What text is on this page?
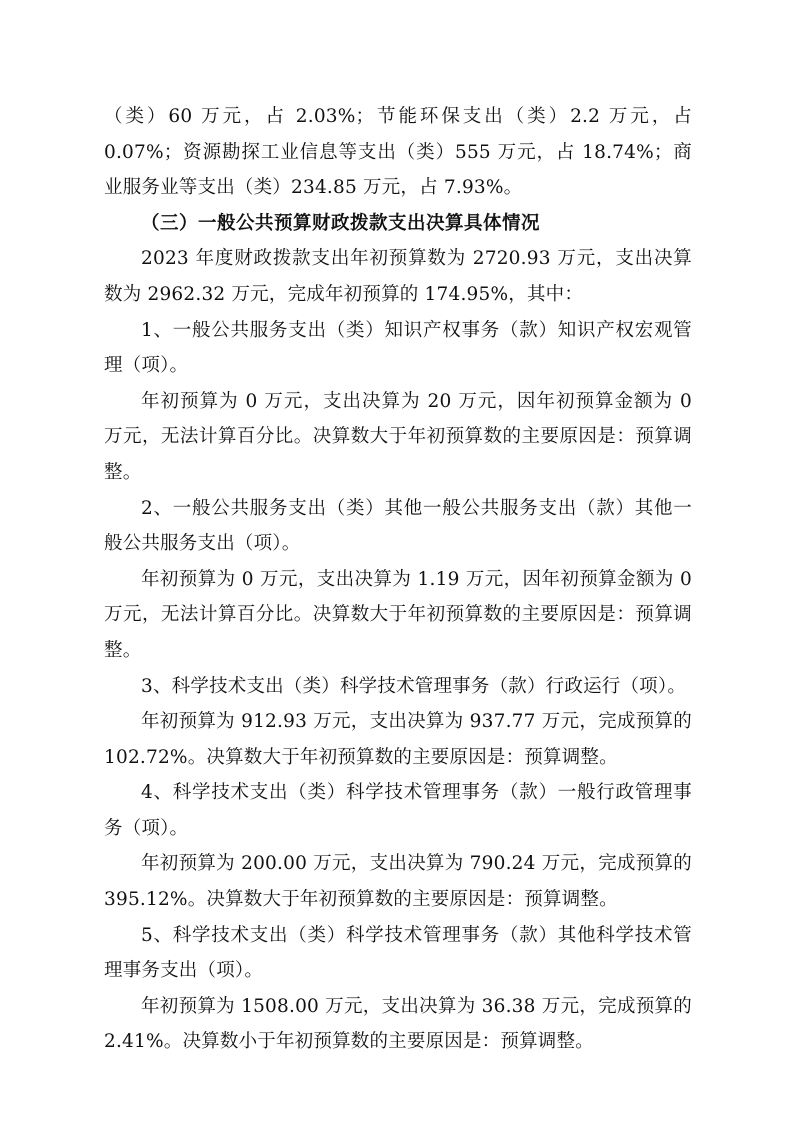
（类）60 万元，占 2.03%；节能环保支出（类）2.2 万元，占 0.07%；资源勘探工业信息等支出（类）555 万元，占 18.74%；商业服务业等支出（类）234.85 万元，占 7.93%。

（三）一般公共预算财政拨款支出决算具体情况

2023 年度财政拨款支出年初预算数为 2720.93 万元，支出决算数为 2962.32 万元，完成年初预算的 174.95%，其中：

1、一般公共服务支出（类）知识产权事务（款）知识产权宏观管理（项）。

年初预算为 0 万元，支出决算为 20 万元，因年初预算金额为 0 万元，无法计算百分比。决算数大于年初预算数的主要原因是：预算调整。

2、一般公共服务支出（类）其他一般公共服务支出（款）其他一般公共服务支出（项）。

年初预算为 0 万元，支出决算为 1.19 万元，因年初预算金额为 0 万元，无法计算百分比。决算数大于年初预算数的主要原因是：预算调整。

3、科学技术支出（类）科学技术管理事务（款）行政运行（项）。

年初预算为 912.93 万元，支出决算为 937.77 万元，完成预算的 102.72%。决算数大于年初预算数的主要原因是：预算调整。

4、科学技术支出（类）科学技术管理事务（款）一般行政管理事务（项）。

年初预算为 200.00 万元，支出决算为 790.24 万元，完成预算的 395.12%。决算数大于年初预算数的主要原因是：预算调整。

5、科学技术支出（类）科学技术管理事务（款）其他科学技术管理事务支出（项）。

年初预算为 1508.00 万元，支出决算为 36.38 万元，完成预算的 2.41%。决算数小于年初预算数的主要原因是：预算调整。
